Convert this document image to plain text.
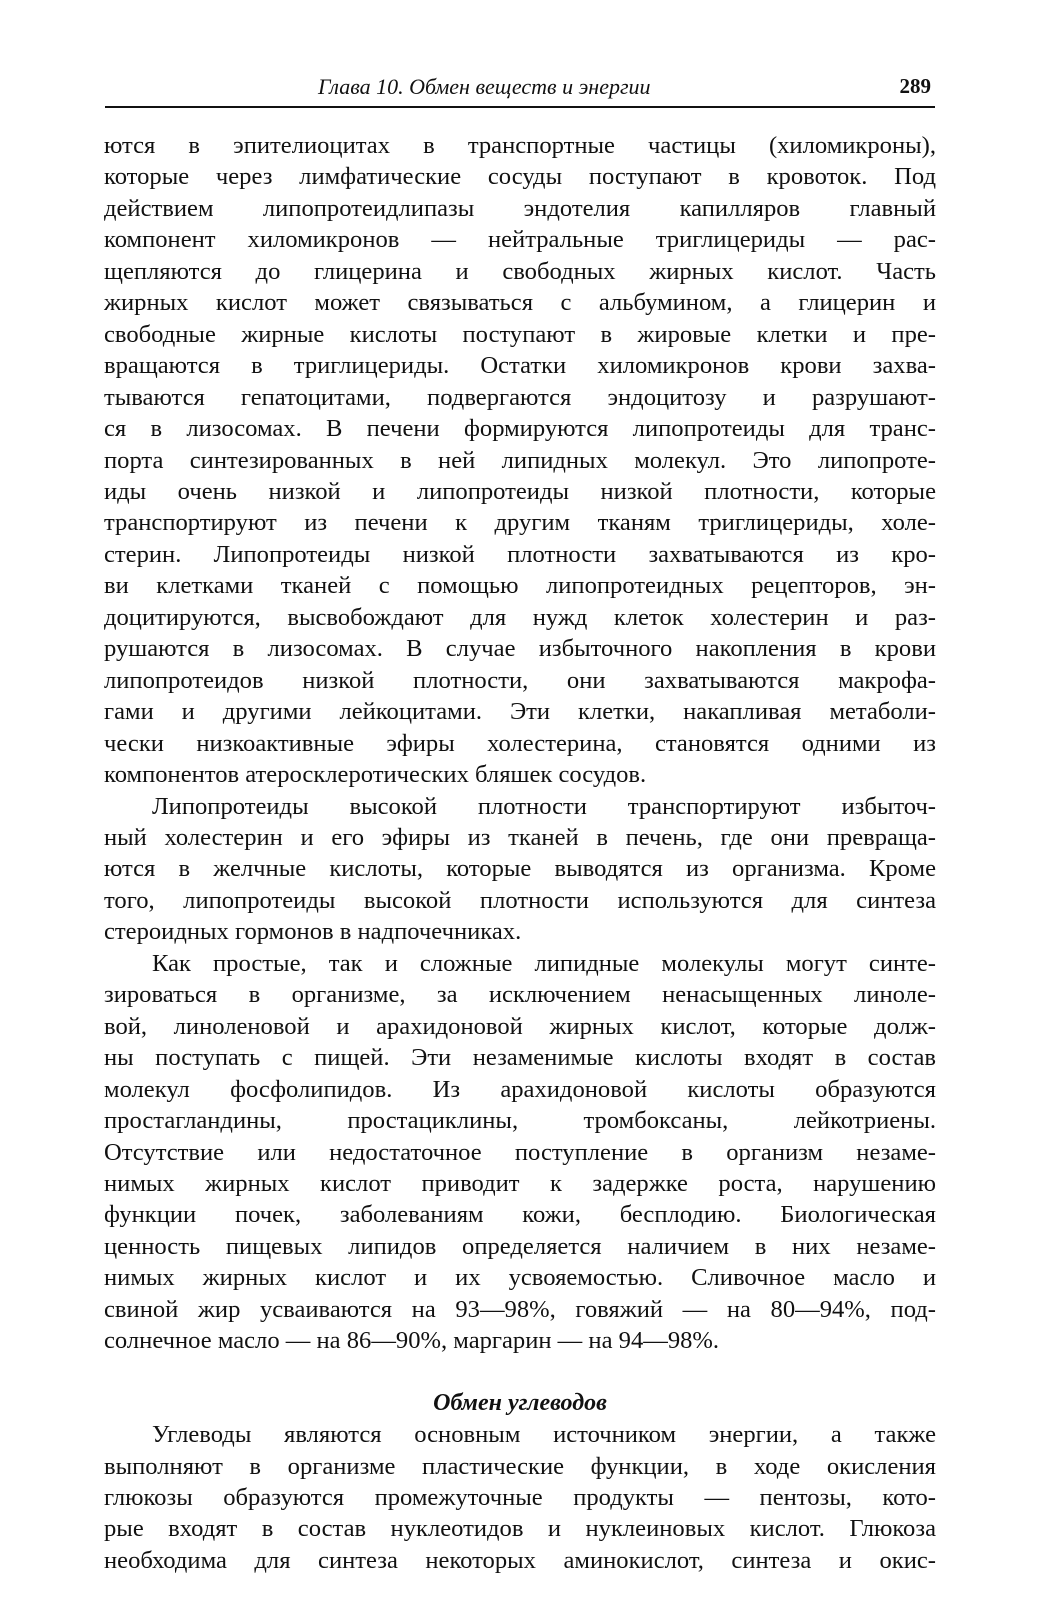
Глава 10. Обмен веществ и энергии	289
ются в эпителиоцитах в транспортные частицы (хиломикроны),
которые через лимфатические сосуды поступают в кровоток. Под
действием липопротеидлипазы эндотелия капилляров главный
компонент хиломикронов — нейтральные триглицериды — рас-
щепляются до глицерина и свободных жирных кислот. Часть
жирных кислот может связываться с альбумином, а глицерин и
свободные жирные кислоты поступают в жировые клетки и пре-
вращаются в триглицериды. Остатки хиломикронов крови захва-
тываются гепатоцитами, подвергаются эндоцитозу и разрушают-
ся в лизосомах. В печени формируются липопротеиды для транс-
порта синтезированных в ней липидных молекул. Это липопроте-
иды очень низкой и липопротеиды низкой плотности, которые
транспортируют из печени к другим тканям триглицериды, холе-
стерин. Липопротеиды низкой плотности захватываются из кро-
ви клетками тканей с помощью липопротеидных рецепторов, эн-
доцитируются, высвобождают для нужд клеток холестерин и раз-
рушаются в лизосомах. В случае избыточного накопления в крови
липопротеидов низкой плотности, они захватываются макрофа-
гами и другими лейкоцитами. Эти клетки, накапливая метаболи-
чески низкоактивные эфиры холестерина, становятся одними из
компонентов атеросклеротических бляшек сосудов.
Липопротеиды высокой плотности транспортируют избыточ-
ный холестерин и его эфиры из тканей в печень, где они превраща-
ются в желчные кислоты, которые выводятся из организма. Кроме
того, липопротеиды высокой плотности используются для синтеза
стероидных гормонов в надпочечниках.
Как простые, так и сложные липидные молекулы могут синте-
зироваться в организме, за исключением ненасыщенных линоле-
вой, линоленовой и арахидоновой жирных кислот, которые долж-
ны поступать с пищей. Эти незаменимые кислоты входят в состав
молекул фосфолипидов. Из арахидоновой кислоты образуются
простагландины, простациклины, тромбоксаны, лейкотриены.
Отсутствие или недостаточное поступление в организм незаме-
нимых жирных кислот приводит к задержке роста, нарушению
функции почек, заболеваниям кожи, бесплодию. Биологическая
ценность пищевых липидов определяется наличием в них незаме-
нимых жирных кислот и их усвояемостью. Сливочное масло и
свиной жир усваиваются на 93—98%, говяжий — на 80—94%, под-
солнечное масло — на 86—90%, маргарин — на 94—98%.
Обмен углеводов
Углеводы являются основным источником энергии, а также
выполняют в организме пластические функции, в ходе окисления
глюкозы образуются промежуточные продукты — пентозы, кото-
рые входят в состав нуклеотидов и нуклеиновых кислот. Глюкоза
необходима для синтеза некоторых аминокислот, синтеза и окис-
